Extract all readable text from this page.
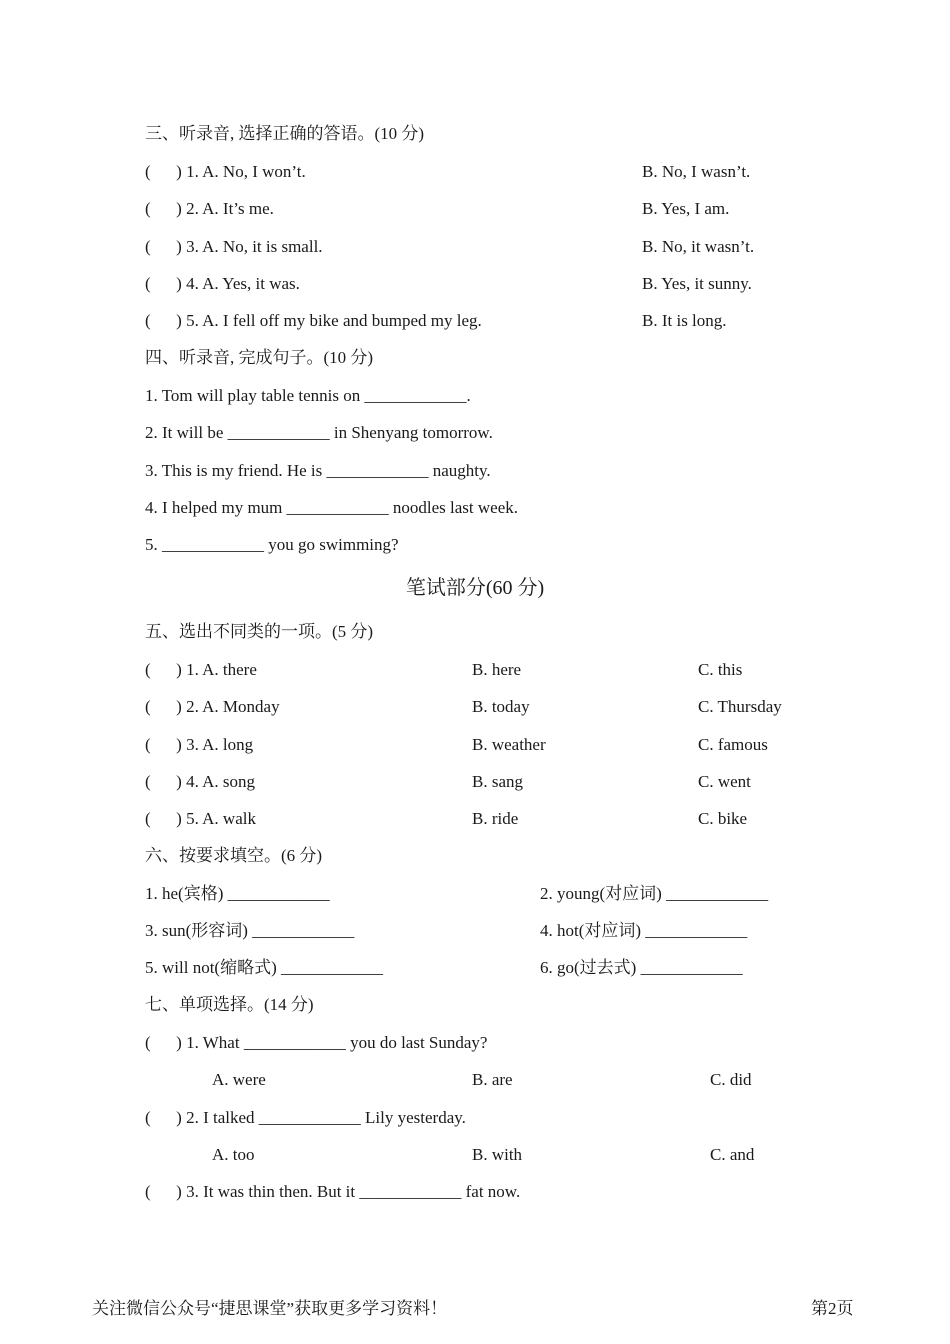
三、听录音, 选择正确的答语。(10 分)
(      ) 1. A. No, I won’t.	B. No, I wasn’t.
(      ) 2. A. It’s me.	B. Yes, I am.
(      ) 3. A. No, it is small.	B. No, it wasn’t.
(      ) 4. A. Yes, it was.	B. Yes, it sunny.
(      ) 5. A. I fell off my bike and bumped my leg.	B. It is long.
四、听录音, 完成句子。(10 分)
1. Tom will play table tennis on ____________.
2. It will be ____________ in Shenyang tomorrow.
3. This is my friend. He is ____________ naughty.
4. I helped my mum ____________ noodles last week.
5. ____________ you go swimming?
笔试部分(60 分)
五、选出不同类的一项。(5 分)
(      ) 1. A. there	B. here	C. this
(      ) 2. A. Monday	B. today	C. Thursday
(      ) 3. A. long	B. weather	C. famous
(      ) 4. A. song	B. sang	C. went
(      ) 5. A. walk	B. ride	C. bike
六、按要求填空。(6 分)
1. he(宾格) ____________	2. young(对应词) ____________
3. sun(形容词) ____________	4. hot(对应词) ____________
5. will not(缩略式) ____________	6. go(过去式) ____________
七、单项选择。(14 分)
(      ) 1. What ____________ you do last Sunday?
A. were	B. are	C. did
(      ) 2. I talked ____________ Lily yesterday.
A. too	B. with	C. and
(      ) 3. It was thin then. But it ____________ fat now.
关注微信公众号“捷思课堂”获取更多学习资料！	第2页
